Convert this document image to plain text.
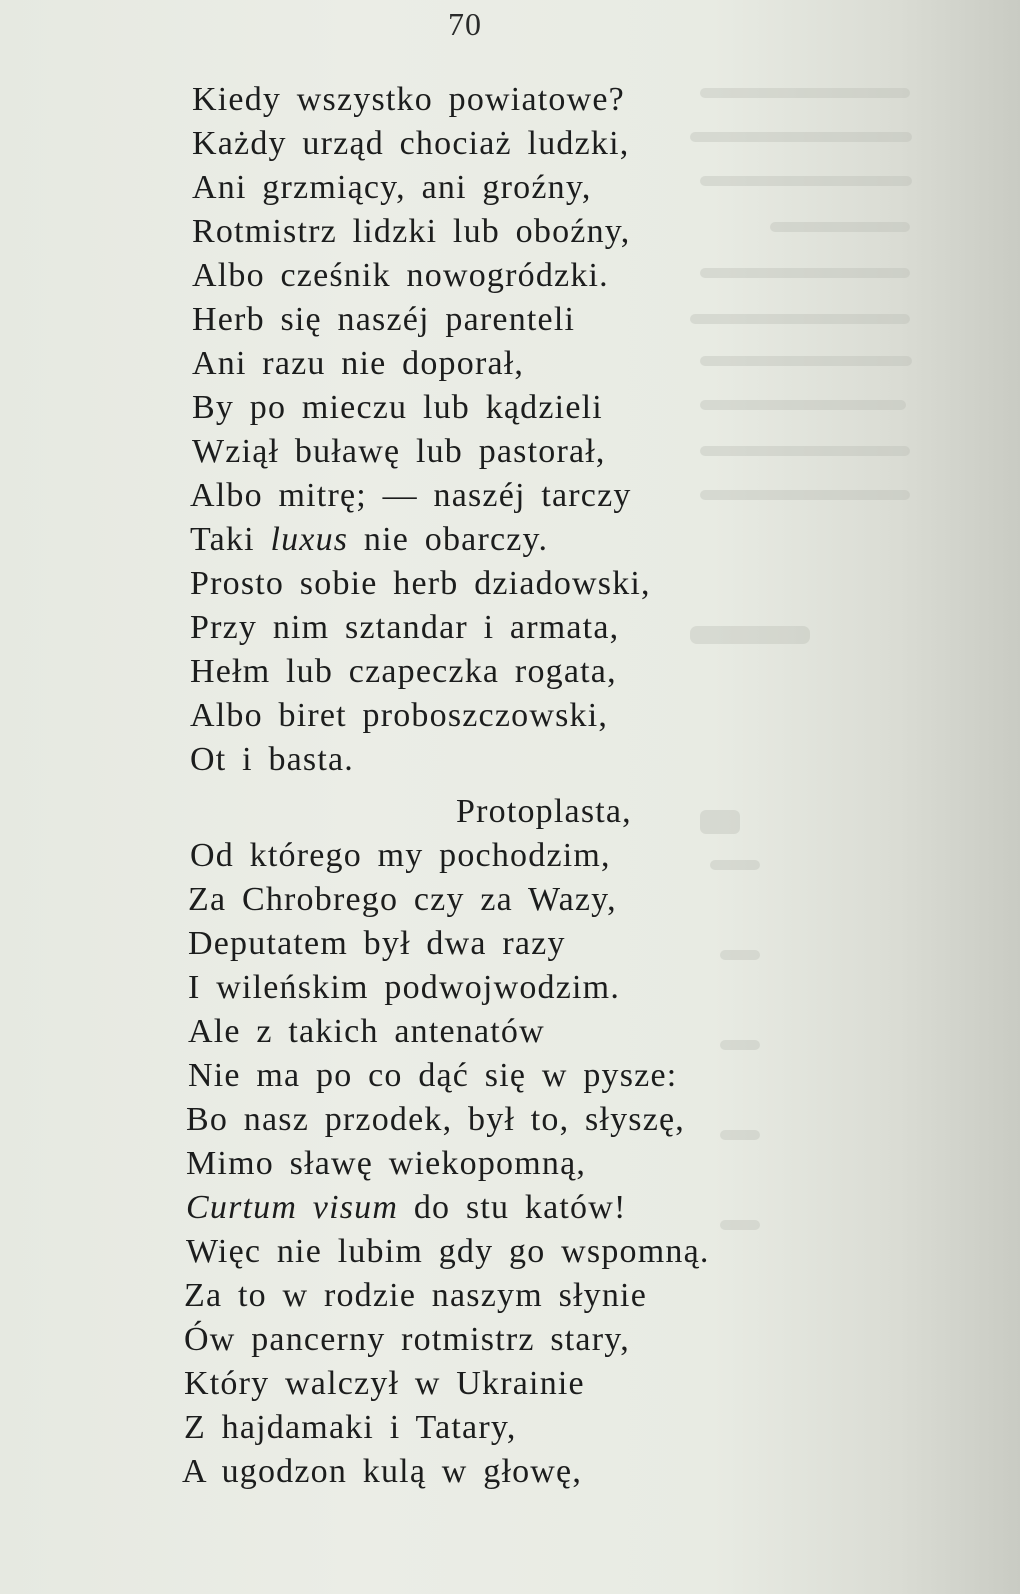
70
Kiedy wszystko powiatowe?
Każdy urząd chociaż ludzki,
Ani grzmiący, ani groźny,
Rotmistrz lidzki lub oboźny,
Albo cześnik nowogródzki.
Herb się naszéj parenteli
Ani razu nie doporał,
By po mieczu lub kądzieli
Wziął buławę lub pastorał,
Albo mitrę; — naszéj tarczy
Taki luxus nie obarczy.
Prosto sobie herb dziadowski,
Przy nim sztandar i armata,
Hełm lub czapeczka rogata,
Albo biret proboszczowski,
Ot i basta.
Protoplasta,
Od którego my pochodzim,
Za Chrobrego czy za Wazy,
Deputatem był dwa razy
I wileńskim podwojwodzim.
Ale z takich antenatów
Nie ma po co dąć się w pysze:
Bo nasz przodek, był to, słyszę,
Mimo sławę wiekopomną,
Curtum visum do stu katów!
Więc nie lubim gdy go wspomną.
Za to w rodzie naszym słynie
Ów pancerny rotmistrz stary,
Który walczył w Ukrainie
Z hajdamaki i Tatary,
A ugodzon kulą w głowę,
